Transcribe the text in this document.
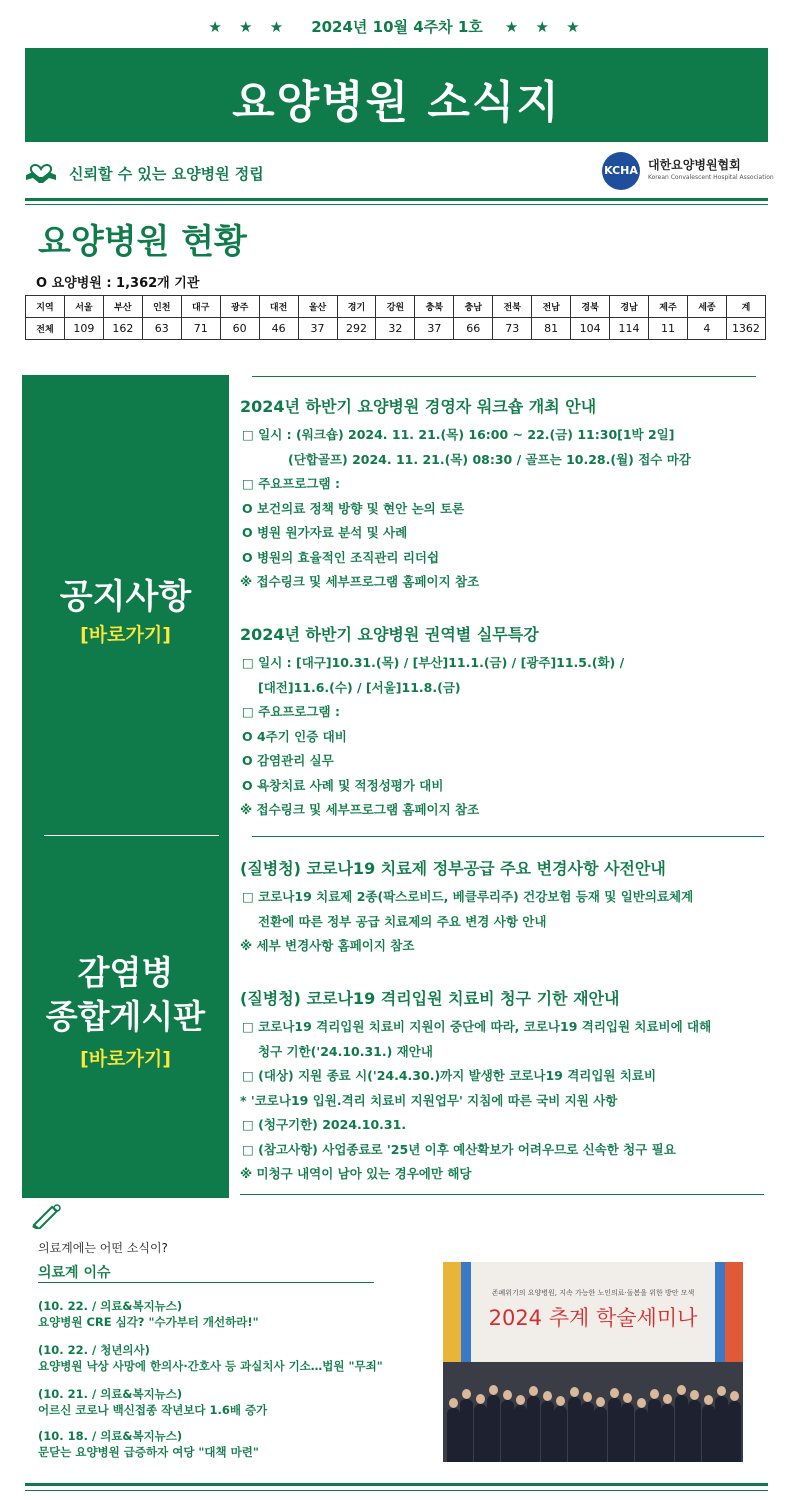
★ ★ ★ 2024년 10월 4주차 1호 ★ ★ ★
요양병원 소식지
신뢰할 수 있는 요양병원 정립	KCHA 대한요양병원협회
Korean Convalescent Hospital Association
요양병원 현황
O 요양병원 : 1,362개 기관
지역	서울	부산	인천	대구	광주	대전	울산	경기	강원	충북	충남	전북	전남	경북	경남	제주	세종	계
전체	109	162	63	71	60	46	37	292	32	37	66	73	81	104	114	11	4	1362
공지사항
[바로가기]
감염병
종합게시판
[바로가기]
2024년 하반기 요양병원 경영자 워크숍 개최 안내
□ 일시 : (워크숍) 2024. 11. 21.(목) 16:00 ~ 22.(금) 11:30[1박 2일]
(단합골프) 2024. 11. 21.(목) 08:30 / 골프는 10.28.(월) 접수 마감
□ 주요프로그램 :
O 보건의료 정책 방향 및 현안 논의 토론
O 병원 원가자료 분석 및 사례
O 병원의 효율적인 조직관리 리더쉽
※ 접수링크 및 세부프로그램 홈페이지 참조
2024년 하반기 요양병원 권역별 실무특강
□ 일시 : [대구]10.31.(목) / [부산]11.1.(금) / [광주]11.5.(화) /
[대전]11.6.(수) / [서울]11.8.(금)
□ 주요프로그램 :
O 4주기 인증 대비
O 감염관리 실무
O 욕창치료 사례 및 적정성평가 대비
※ 접수링크 및 세부프로그램 홈페이지 참조
(질병청) 코로나19 치료제 정부공급 주요 변경사항 사전안내
□ 코로나19 치료제 2종(팍스로비드, 베클루리주) 건강보험 등재 및 일반의료체계
전환에 따른 정부 공급 치료제의 주요 변경 사항 안내
※ 세부 변경사항 홈페이지 참조
(질병청) 코로나19 격리입원 치료비 청구 기한 재안내
□ 코로나19 격리입원 치료비 지원이 중단에 따라, 코로나19 격리입원 치료비에 대해
청구 기한('24.10.31.) 재안내
□ (대상) 지원 종료 시('24.4.30.)까지 발생한 코로나19 격리입원 치료비
* '코로나19 입원.격리 치료비 지원업무' 지침에 따른 국비 지원 사항
□ (청구기한) 2024.10.31.
□ (참고사항) 사업종료로 '25년 이후 예산확보가 어려우므로 신속한 청구 필요
※ 미청구 내역이 남아 있는 경우에만 해당
의료계에는 어떤 소식이?
의료계 이슈
(10. 22. / 의료&복지뉴스)
요양병원 CRE 심각? "수가부터 개선하라!"
(10. 22. / 청년의사)
요양병원 낙상 사망에 한의사·간호사 등 과실치사 기소…법원 "무죄"
(10. 21. / 의료&복지뉴스)
어르신 코로나 백신접종 작년보다 1.6배 증가
(10. 18. / 의료&복지뉴스)
문닫는 요양병원 급증하자 여당 "대책 마련"
존폐위기의 요양병원, 지속 가능한 노인의료·돌봄을 위한 방안 모색
2024 추계 학술세미나
